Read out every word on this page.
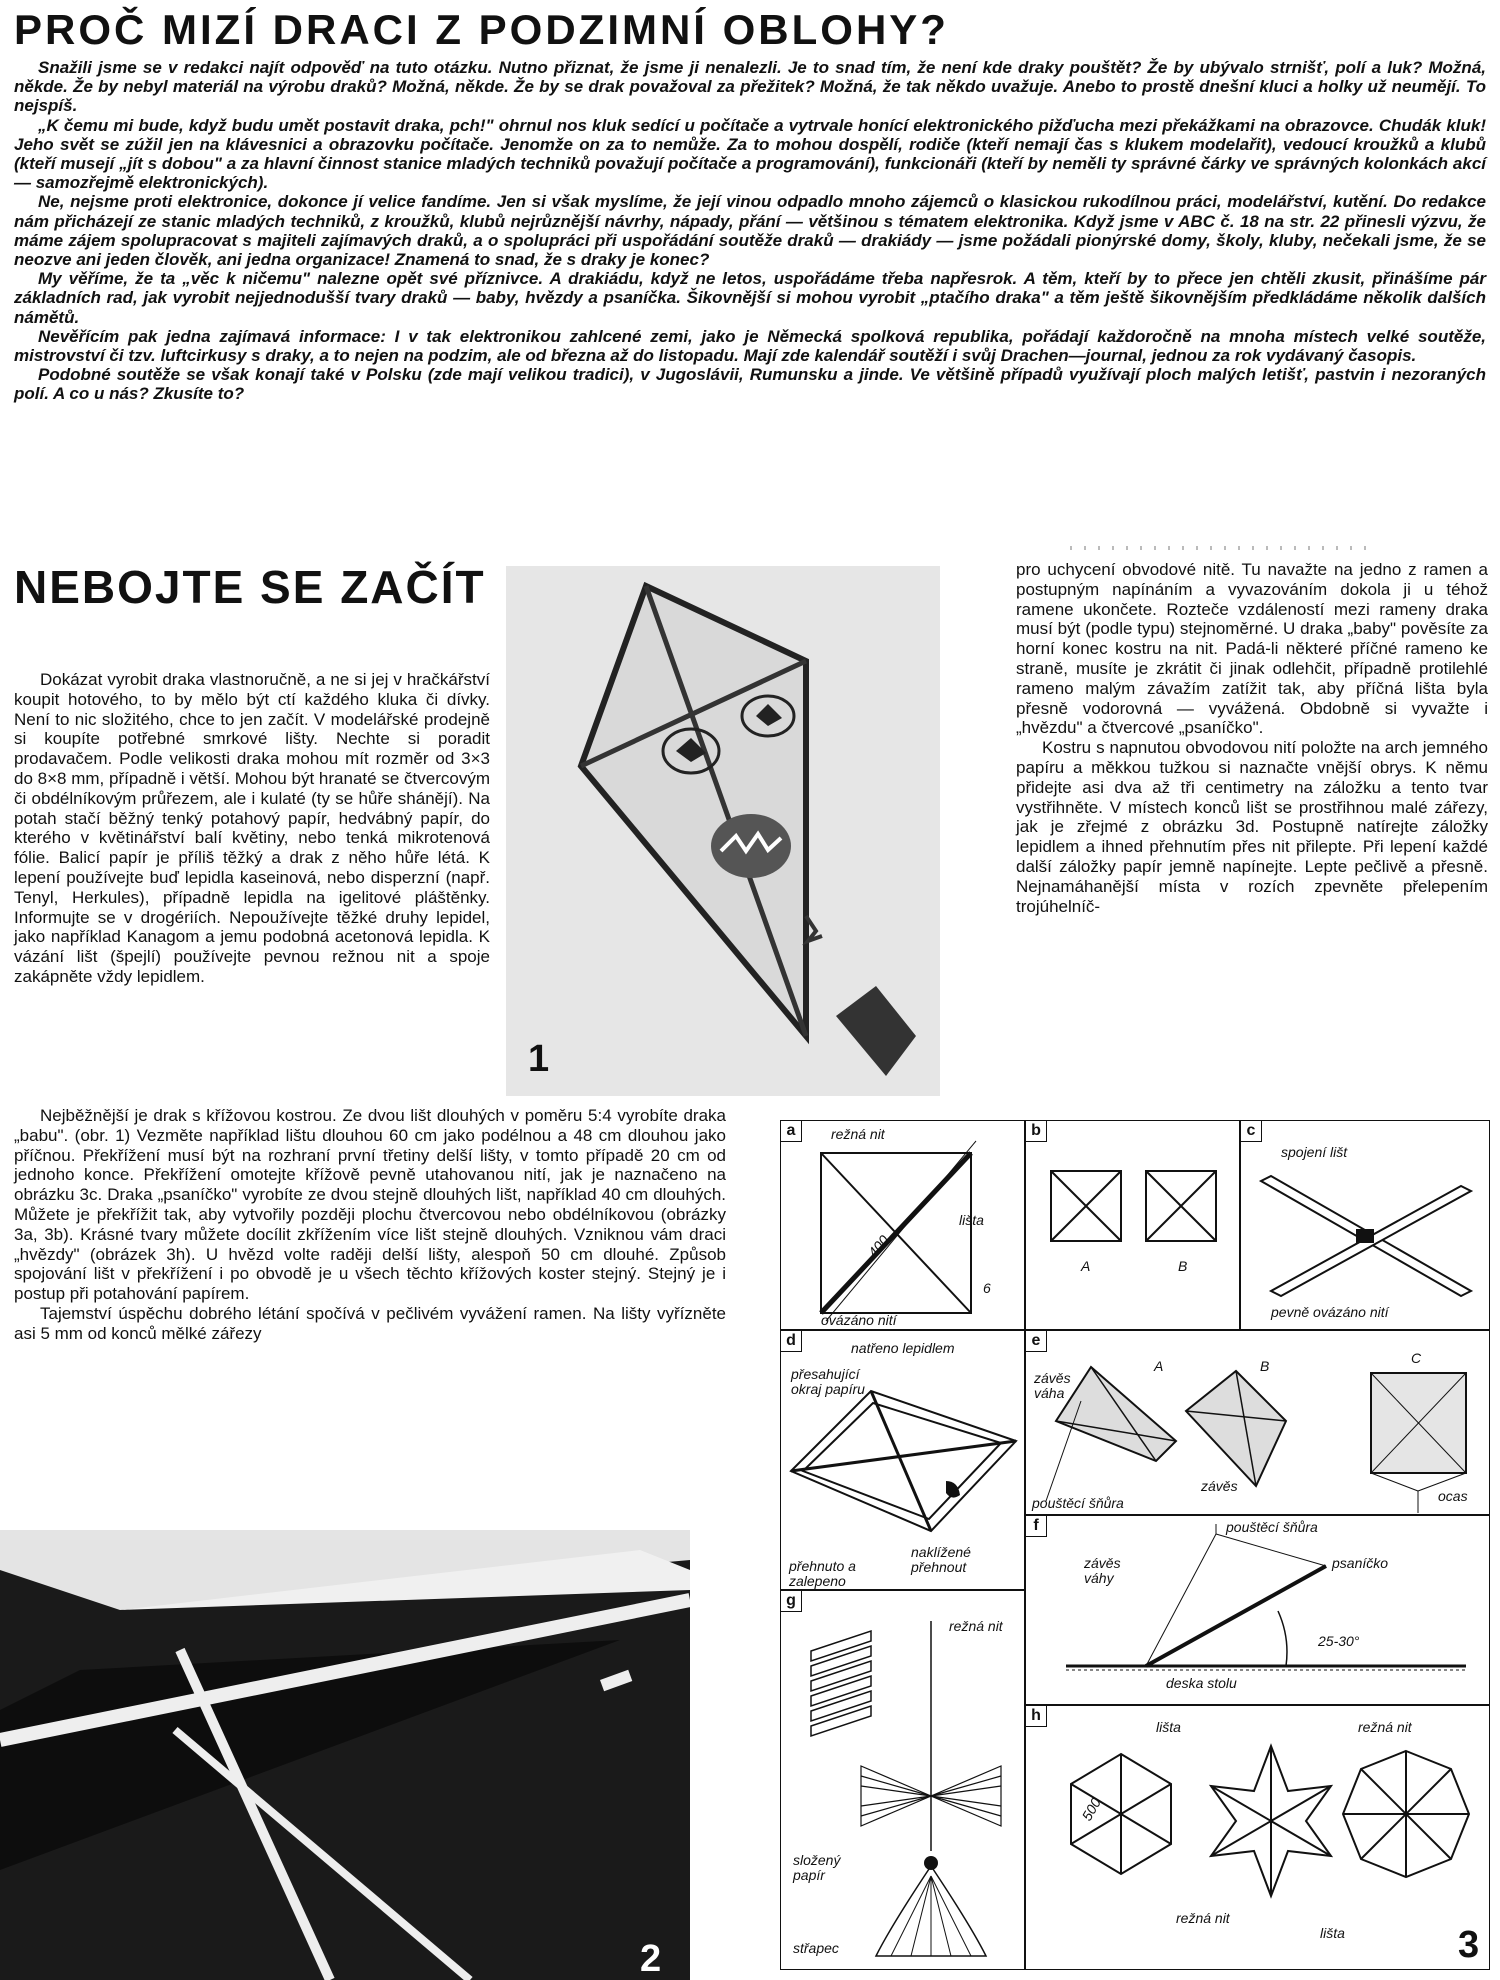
PROČ MIZÍ DRACI Z PODZIMNÍ OBLOHY?

Snažili jsme se v redakci najít odpověď na tuto otázku. Nutno přiznat, že jsme ji nenalezli. Je to snad tím, že není kde draky pouštět? Že by ubývalo strnišť, polí a luk? Možná, někde. Že by nebyl materiál na výrobu draků? Možná, někde. Že by se drak považoval za přežitek? Možná, že tak někdo uvažuje. Anebo to prostě dnešní kluci a holky už neumějí. To nejspíš.

„K čemu mi bude, když budu umět postavit draka, pch!" ohrnul nos kluk sedící u počítače a vytrvale honící elektronického pižďucha mezi překážkami na obrazovce. Chudák kluk! Jeho svět se zúžil jen na klávesnici a obrazovku počítače. Jenomže on za to nemůže. Za to mohou dospělí, rodiče (kteří nemají čas s klukem modelařit), vedoucí kroužků a klubů (kteří musejí „jít s dobou" a za hlavní činnost stanice mladých techniků považují počítače a programování), funkcionáři (kteří by neměli ty správné čárky ve správných kolonkách akcí — samozřejmě elektronických).

Ne, nejsme proti elektronice, dokonce jí velice fandíme. Jen si však myslíme, že její vinou odpadlo mnoho zájemců o klasickou rukodílnou práci, modelářství, kutění. Do redakce nám přicházejí ze stanic mladých techniků, z kroužků, klubů nejrůznější návrhy, nápady, přání — většinou s tématem elektronika. Když jsme v ABC č. 18 na str. 22 přinesli výzvu, že máme zájem spolupracovat s majiteli zajímavých draků, a o spolupráci při uspořádání soutěže draků — drakiády — jsme požádali pionýrské domy, školy, kluby, nečekali jsme, že se neozve ani jeden člověk, ani jedna organizace! Znamená to snad, že s draky je konec?

My věříme, že ta „věc k ničemu" nalezne opět své příznivce. A drakiádu, když ne letos, uspořádáme třeba napřesrok. A těm, kteří by to přece jen chtěli zkusit, přinášíme pár základních rad, jak vyrobit nejjednodušší tvary draků — baby, hvězdy a psaníčka. Šikovnější si mohou vyrobit „ptačího draka" a těm ještě šikovnějším předkládáme několik dalších námětů.

Nevěřícím pak jedna zajímavá informace: I v tak elektronikou zahlcené zemi, jako je Německá spolková republika, pořádají každoročně na mnoha místech velké soutěže, mistrovství či tzv. luftcirkusy s draky, a to nejen na podzim, ale od března až do listopadu. Mají zde kalendář soutěží i svůj Drachen—journal, jednou za rok vydávaný časopis.

Podobné soutěže se však konají také v Polsku (zde mají velikou tradici), v Jugoslávii, Rumunsku a jinde. Ve většině případů využívají ploch malých letišť, pastvin i nezoraných polí. A co u nás? Zkusíte to?

NEBOJTE SE ZAČÍT

Dokázat vyrobit draka vlastnoručně, a ne si jej v hračkářství koupit hotového, to by mělo být ctí každého kluka či dívky. Není to nic složitého, chce to jen začít. V modelářské prodejně si koupíte potřebné smrkové lišty. Nechte si poradit prodavačem. Podle velikosti draka mohou mít rozměr od 3×3 do 8×8 mm, případně i větší. Mohou být hranaté se čtvercovým či obdélníkovým průřezem, ale i kulaté (ty se hůře shánějí). Na potah stačí běžný tenký potahový papír, hedvábný papír, do kterého v květinářství balí květiny, nebo tenká mikrotenová fólie. Balicí papír je příliš těžký a drak z něho hůře létá. K lepení používejte buď lepidla kaseinová, nebo disperzní (např. Tenyl, Herkules), případně lepidla na igelitové pláštěnky. Informujte se v drogériích. Nepoužívejte těžké druhy lepidel, jako například Kanagom a jemu podobná acetonová lepidla. K vázání lišt (špejlí) používejte pevnou režnou nit a spoje zakápněte vždy lepidlem.

Nejběžnější je drak s křížovou kostrou. Ze dvou lišt dlouhých v poměru 5:4 vyrobíte draka „babu". (obr. 1) Vezměte například lištu dlouhou 60 cm jako podélnou a 48 cm dlouhou jako příčnou. Překřížení musí být na rozhraní první třetiny delší lišty, v tomto případě 20 cm od jednoho konce. Překřížení omotejte křížově pevně utahovanou nití, jak je naznačeno na obrázku 3c. Draka „psaníčko" vyrobíte ze dvou stejně dlouhých lišt, například 40 cm dlouhých. Můžete je překřížit tak, aby vytvořily později plochu čtvercovou nebo obdélníkovou (obrázky 3a, 3b). Krásné tvary můžete docílit zkřížením více lišt stejně dlouhých. Vzniknou vám draci „hvězdy" (obrázek 3h). U hvězd volte raději delší lišty, alespoň 50 cm dlouhé. Způsob spojování lišt v překřížení i po obvodě je u všech těchto křížových koster stejný. Stejný je i postup při potahování papírem.

Tajemství úspěchu dobrého létání spočívá v pečlivém vyvážení ramen. Na lišty vyřízněte asi 5 mm od konců mělké zářezy

pro uchycení obvodové nitě. Tu navažte na jedno z ramen a postupným napínáním a vyvazováním dokola ji u téhož ramene ukončete. Rozteče vzdáleností mezi rameny draka musí být (podle typu) stejnoměrné. U draka „baby" pověsíte za horní konec kostru na nit. Padá-li některé příčné rameno ke straně, musíte je zkrátit či jinak odlehčit, případně protilehlé rameno malým závažím zatížit tak, aby příčná lišta byla přesně vodorovná — vyvážená. Obdobně si vyvažte i „hvězdu" a čtvercové „psaníčko".

Kostru s napnutou obvodovou nití položte na arch jemného papíru a měkkou tužkou si naznačte vnější obrys. K němu přidejte asi dva až tři centimetry na záložku a tento tvar vystřihněte. V místech konců lišt se prostřihnou malé zářezy, jak je zřejmé z obrázku 3d. Postupně natírejte záložky lepidlem a ihned přehnutím přes nit přilepte. Při lepení každé další záložky papír jemně napínejte. Lepte pečlivě a přesně. Nejnamáhanější místa v rozích zpevněte přelepením trojúhelníč-

1
2
a	režná nit
lišta
ovázáno nití
400
6
b
A	B
c
spojení lišt
pevně ovázáno nití
d	natřeno lepidlem
přesahující okraj papíru
naklížené přehnout
přehnuto a zalepeno
e
A	B	C
závěs váha
pouštěcí šňůra
závěs
ocas
f	pouštěcí šňůra
závěs váhy
psaníčko
25-30°
deska stolu
g
režná nit
složený papír
střapec
h
lišta	režná nit
500
režná nit
lišta	3
